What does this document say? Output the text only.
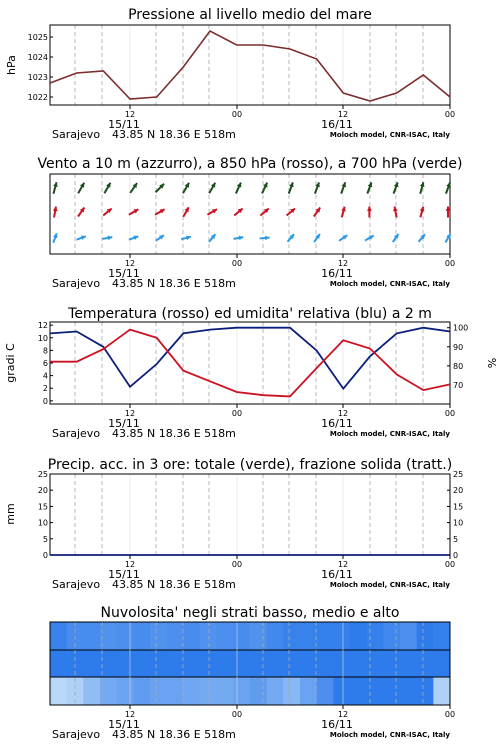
Pressione al livello medio del mare
1022
1023
1024
1025
hPa
12	00	12	00
15/11	16/11
Sarajevo 43.85 N 18.36 E 518m	Moloch model, CNR-ISAC, Italy
Vento a 10 m (azzurro), a 850 hPa (rosso), a 700 hPa (verde)
12	00	12	00
15/11	16/11
Sarajevo 43.85 N 18.36 E 518m	Moloch model, CNR-ISAC, Italy
Temperatura (rosso) ed umidita' relativa (blu) a 2 m
0
2
4
6
8
10
12
70
80
90
100
gradi C	%
12	00	12	00
15/11	16/11
Sarajevo 43.85 N 18.36 E 518m	Moloch model, CNR-ISAC, Italy
Precip. acc. in 3 ore: totale (verde), frazione solida (tratt.)
0
5
10
15
20
25
0
5
10
15
20
25
mm
12	00	12	00
15/11	16/11
Sarajevo 43.85 N 18.36 E 518m	Moloch model, CNR-ISAC, Italy
Nuvolosita' negli strati basso, medio e alto
12	00	12	00
15/11	16/11
Sarajevo 43.85 N 18.36 E 518m	Moloch model, CNR-ISAC, Italy
